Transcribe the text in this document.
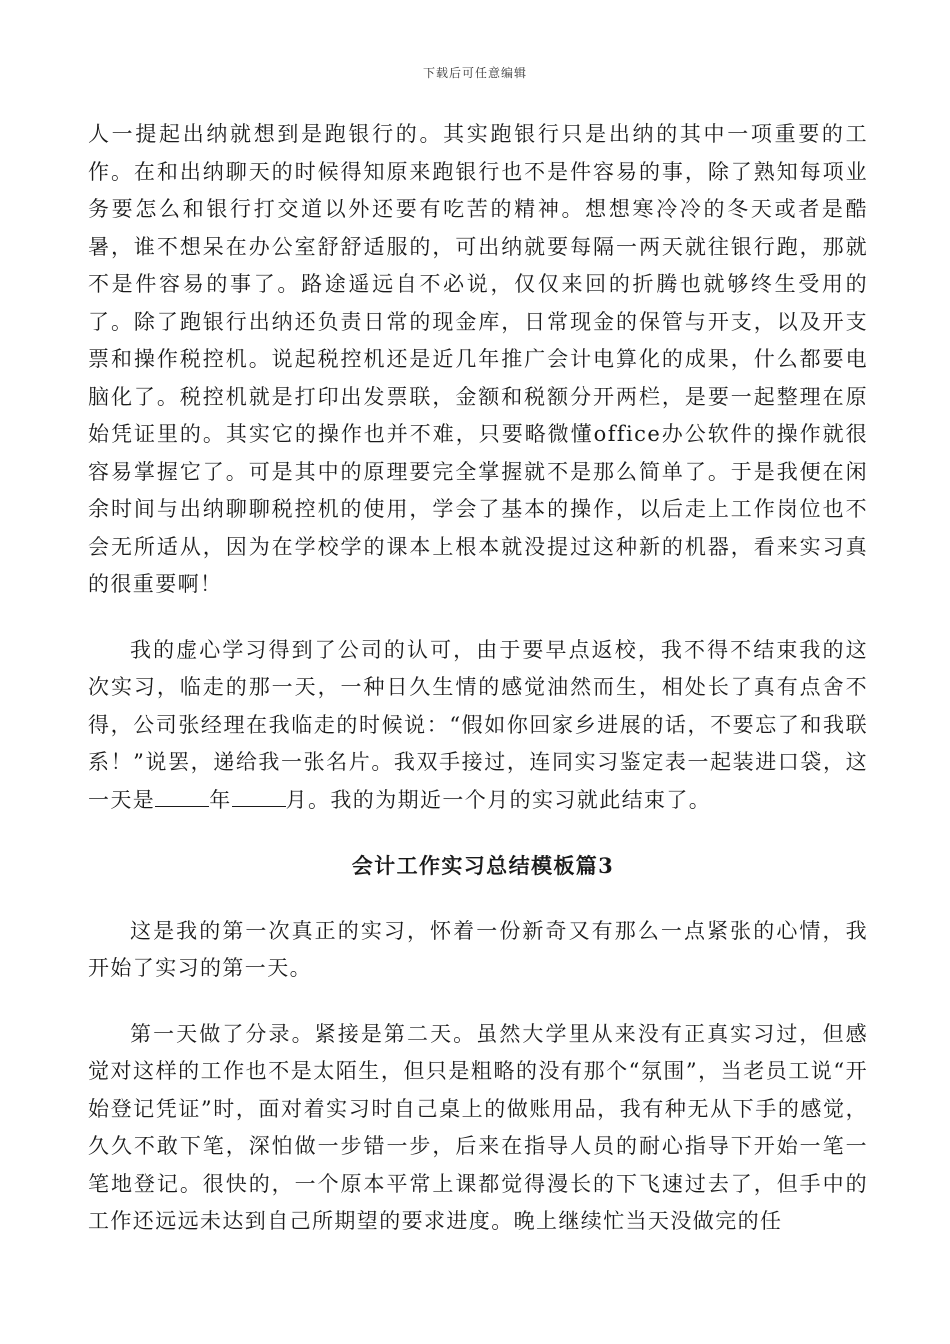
下载后可任意编辑

人一提起出纳就想到是跑银行的。其实跑银行只是出纳的其中一项重要的工作。在和出纳聊天的时候得知原来跑银行也不是件容易的事，除了熟知每项业务要怎么和银行打交道以外还要有吃苦的精神。想想寒冷冷的冬天或者是酷暑，谁不想呆在办公室舒舒适服的，可出纳就要每隔一两天就往银行跑，那就不是件容易的事了。路途遥远自不必说，仅仅来回的折腾也就够终生受用的了。除了跑银行出纳还负责日常的现金库，日常现金的保管与开支，以及开支票和操作税控机。说起税控机还是近几年推广会计电算化的成果，什么都要电脑化了。税控机就是打印出发票联，金额和税额分开两栏，是要一起整理在原始凭证里的。其实它的操作也并不难，只要略微懂office办公软件的操作就很容易掌握它了。可是其中的原理要完全掌握就不是那么简单了。于是我便在闲余时间与出纳聊聊税控机的使用，学会了基本的操作，以后走上工作岗位也不会无所适从，因为在学校学的课本上根本就没提过这种新的机器，看来实习真的很重要啊！

我的虚心学习得到了公司的认可，由于要早点返校，我不得不结束我的这次实习，临走的那一天，一种日久生情的感觉油然而生，相处长了真有点舍不得，公司张经理在我临走的时候说：“假如你回家乡进展的话，不要忘了和我联系！”说罢，递给我一张名片。我双手接过，连同实习鉴定表一起装进口袋，这一天是	年	月。我的为期近一个月的实习就此结束了。

会计工作实习总结模板篇3

这是我的第一次真正的实习，怀着一份新奇又有那么一点紧张的心情，我开始了实习的第一天。

第一天做了分录。紧接是第二天。虽然大学里从来没有正真实习过，但感觉对这样的工作也不是太陌生，但只是粗略的没有那个“氛围”，当老员工说“开始登记凭证”时，面对着实习时自己桌上的做账用品，我有种无从下手的感觉，久久不敢下笔，深怕做一步错一步，后来在指导人员的耐心指导下开始一笔一笔地登记。很快的，一个原本平常上课都觉得漫长的下飞速过去了，但手中的工作还远远未达到自己所期望的要求进度。晚上继续忙当天没做完的任
